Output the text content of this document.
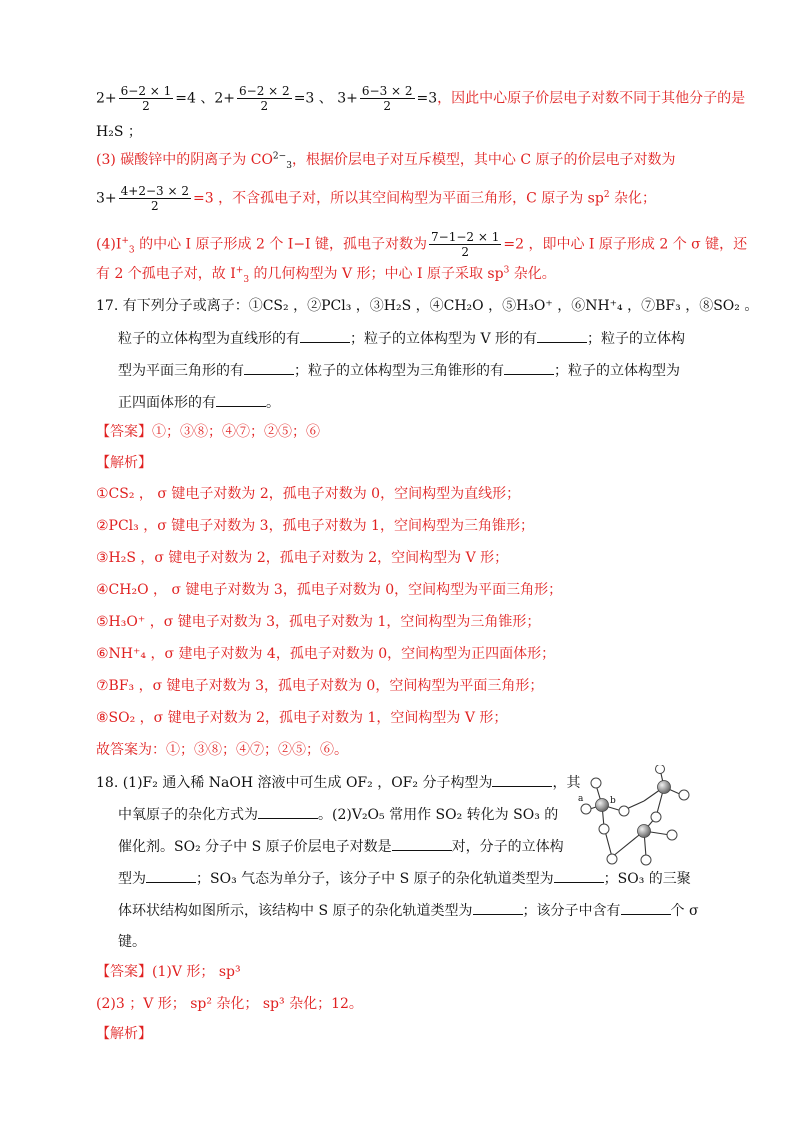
$2+ \frac{6-2 \times 1}{2} =4$ 、$2+ \frac{6-2 \times 2}{2} =3$ 、 $3+ \frac{6-3 \times 2}{2} =3$，因此中心原子价层电子对数不同于其他分子的是
H₂S ；
(3) 碳酸锌中的阴离子为 $CO^{2-}_3$，根据价层电子对互斥模型，其中心 C 原子的价层电子对数为
$3+ \frac{4+2-3 \times 2}{2} =3$ ，不含孤电子对，所以其空间构型为平面三角形，C 原子为 $sp^2$ 杂化；
$(4)I^+_3$ 的中心 I 原子形成 2 个 I−I 键，孤电子对数为 $\frac{7-1-2 \times 1}{2} =2$ ，即中心 I 原子形成 2 个 σ 键，还
有 2 个孤电子对，故 $I^+_3$ 的几何构型为 V 形；中心 I 原子采取 $sp^3$ 杂化。
17. 有下列分子或离子：①CS₂ ，②PCl₃ ，③H₂S ，④CH₂O ，⑤H₃O⁺ ，⑥NH⁺₄ ，⑦BF₃ ，⑧SO₂ 。
粒子的立体构型为直线形的有	；粒子的立体构型为 V 形的有	；粒子的立体构
型为平面三角形的有	；粒子的立体构型为三角锥形的有	；粒子的立体构型为
正四面体形的有	。
【答案】①；③⑧；④⑦；②⑤；⑥
【解析】
①CS₂ ， σ 键电子对数为 2，孤电子对数为 0，空间构型为直线形；
②PCl₃ ，σ 键电子对数为 3，孤电子对数为 1，空间构型为三角锥形；
③H₂S ，σ 键电子对数为 2，孤电子对数为 2，空间构型为 V 形；
④CH₂O ， σ 键电子对数为 3，孤电子对数为 0，空间构型为平面三角形；
⑤H₃O⁺ ，σ 键电子对数为 3，孤电子对数为 1，空间构型为三角锥形；
⑥NH⁺₄ ，σ 建电子对数为 4，孤电子对数为 0，空间构型为正四面体形；
⑦BF₃ ，σ 键电子对数为 3，孤电子对数为 0，空间构型为平面三角形；
⑧SO₂ ，σ 键电子对数为 2，孤电子对数为 1，空间构型为 V 形；
故答案为：①；③⑧；④⑦；②⑤；⑥。
18. (1)F₂ 通入稀 NaOH 溶液中可生成 OF₂ ，OF₂ 分子构型为	，其
中氧原子的杂化方式为	。(2)V₂O₅ 常用作 SO₂ 转化为 SO₃ 的
催化剂。SO₂ 分子中 S 原子价层电子对数是	对，分子的立体构
型为	；SO₃ 气态为单分子，该分子中 S 原子的杂化轨道类型为	；SO₃ 的三聚
体环状结构如图所示，该结构中 S 原子的杂化轨道类型为	；该分子中含有	个 σ
键。
【答案】(1)V 形； sp³
(2)3 ；V 形； sp² 杂化； sp³ 杂化；12。
【解析】
a	b
